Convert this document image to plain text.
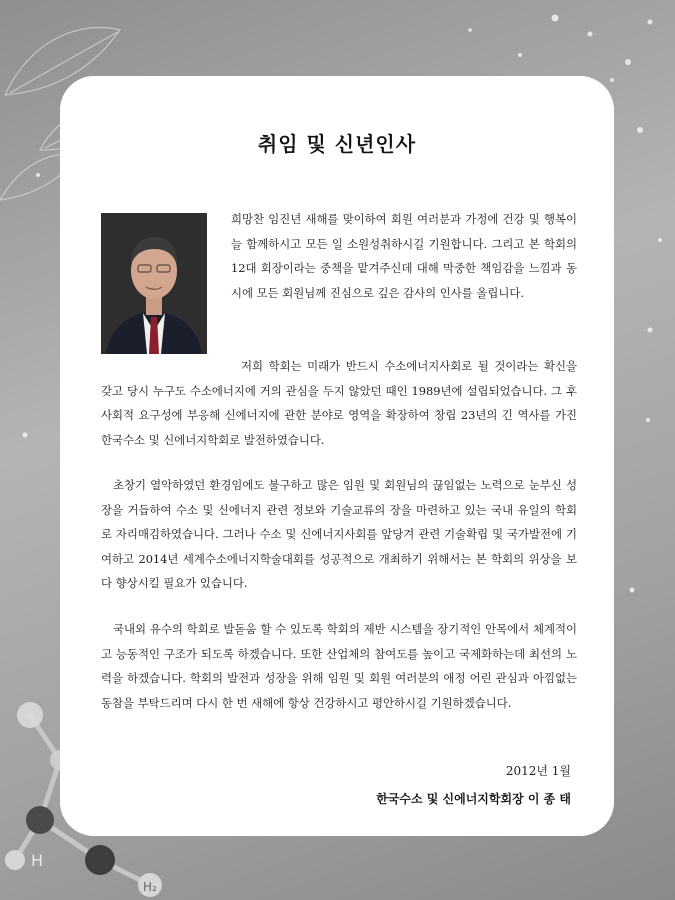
H
H₂
취임 및 신년인사

희망찬 임진년 새해를 맞이하여 회원 여러분과 가정에 건강 및 행복이 늘 함께하시고 모든 일 소원성취하시길 기원합니다. 그리고 본 학회의 12대 회장이라는 중책을 맡겨주신데 대해 막중한 책임감을 느낌과 동시에 모든 회원님께 진심으로 깊은 감사의 인사를 올립니다.

저희 학회는 미래가 반드시 수소에너지사회로 될 것이라는 확신을 갖고 당시 누구도 수소에너지에 거의 관심을 두지 않았던 때인 1989년에 설립되었습니다. 그 후 사회적 요구성에 부응해 신에너지에 관한 분야로 영역을 확장하여 창립 23년의 긴 역사를 가진 한국수소 및 신에너지학회로 발전하였습니다.

초창기 열악하였던 환경임에도 불구하고 많은 임원 및 회원님의 끊임없는 노력으로 눈부신 성장을 거듭하여 수소 및 신에너지 관련 정보와 기술교류의 장을 마련하고 있는 국내 유일의 학회로 자리매김하였습니다. 그러나 수소 및 신에너지사회를 앞당겨 관련 기술확립 및 국가발전에 기여하고 2014년 세계수소에너지학술대회를 성공적으로 개최하기 위해서는 본 학회의 위상을 보다 향상시킬 필요가 있습니다.

국내외 유수의 학회로 발돋움 할 수 있도록 학회의 제반 시스템을 장기적인 안목에서 체계적이고 능동적인 구조가 되도록 하겠습니다. 또한 산업체의 참여도를 높이고 국제화하는데 최선의 노력을 하겠습니다. 학회의 발전과 성장을 위해 임원 및 회원 여러분의 애정 어린 관심과 아낌없는 동참을 부탁드리며 다시 한 번 새해에 항상 건강하시고 평안하시길 기원하겠습니다.

2012년 1월
한국수소 및 신에너지학회장 이 종 태
